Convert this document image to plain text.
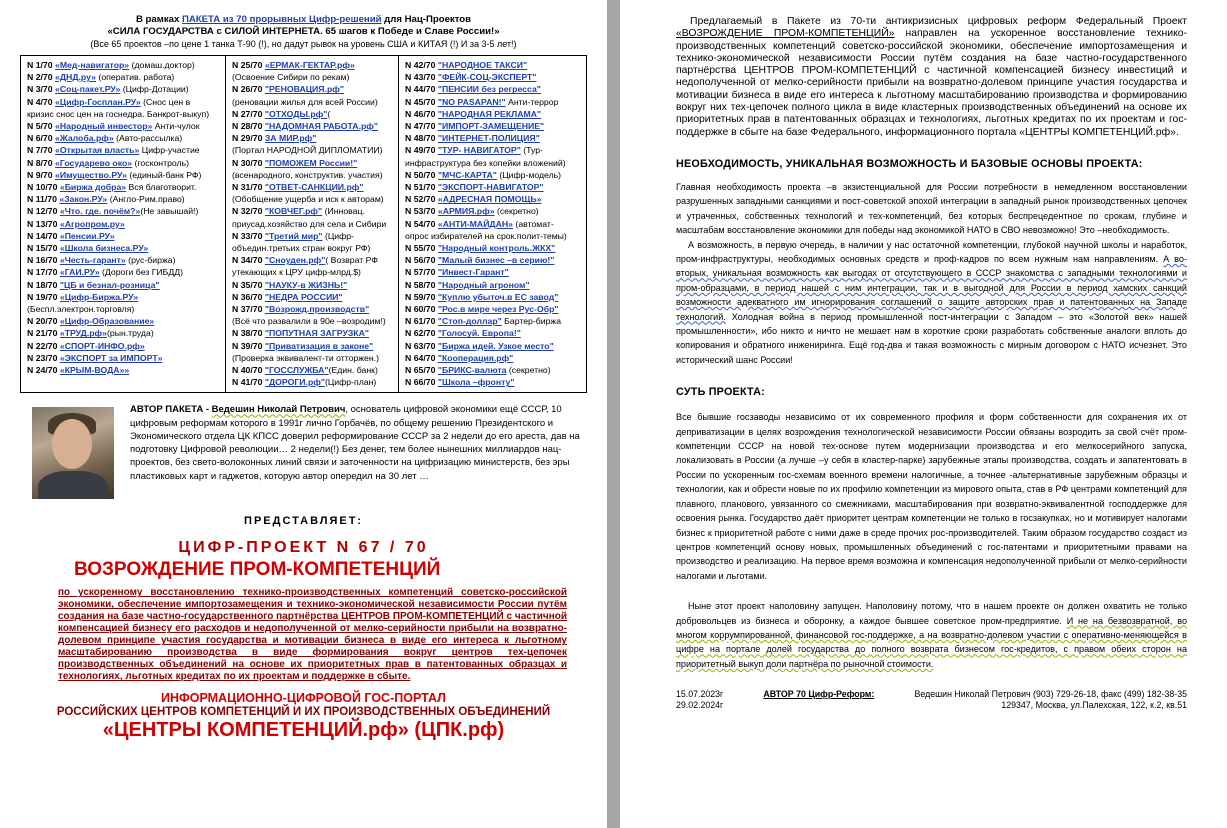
В рамках ПАКЕТА из 70 прорывных Цифр-решений для Нац-Проектов
«СИЛА ГОСУДАРСТВА с СИЛОЙ ИНТЕРНЕТА. 65 шагов к Победе и Славе России!»
(Все 65 проектов –по цене 1 танка Т-90 (!), но дадут рывок на уровень США и КИТАЯ (!) И за 3-5 лет!)
N 1/70 «Мед-навигатор» (домаш.доктор)
N 2/70 «ДНД.ру» (оператив. работа)
N 3/70 «Соц-пакет.РУ» (Цифр-Дотации)
N 4/70 «Цифр-Госплан.РУ» (Снос цен в
кризис снос цен на госнедра. Банкрот-выкуп)
N 5/70 «Народный инвестор» Анти-чулок
N 6/70 «Жалоба.рф» (Авто-рассылка)
N 7/70 «Открытая власть» Цифр-участие
N 8/70 «Государево око» (госконтроль)
N 9/70 «Имущество.РУ» (единый-банк РФ)
N 10/70 «Биржа добра» Вся благотворит.
N 11/70 «Закон.РУ» (Англо-Рим.право)
N 12/70 «Что. где. почём?»(Не завышай!)
N 13/70 «Агропром.ру»
N 14/70 «Пенсии.РУ»
N 15/70 «Школа бизнеса.РУ»
N 16/70 «Честь-гарант» (рус-биржа)
N 17/70 «ГАИ.РУ» (Дороги без ГИБДД)
N 18/70 "ЦБ и безнал-розница"
N 19/70 «Цифр-Биржа.РУ»
(Беспл.электрон.торговля)
N 20/70 «Цифр-Образование»
N 21/70 «ТРУД.рф»(рын.труда)
N 22/70 «СПОРТ-ИНФО.рф»
N 23/70 «ЭКСПОРТ за ИМПОРТ»
N 24/70 «КРЫМ-ВОДА»»
N 25/70 «ЕРМАК-ГЕКТАР.рф»
(Освоение Сибири по рекам)
N 26/70 "РЕНОВАЦИЯ.рф"
(реновации жилья для всей России)
N 27/70 "ОТХОДЫ.рф"(
N 28/70 "НАДОМНАЯ РАБОТА.рф"
N 29/70 ЗА МИР.рф"
(Портал НАРОДНОЙ ДИПЛОМАТИИ)
N 30/70 "ПОМОЖЕМ России!"
(всенародного, конструктив. участия)
N 31/70 "ОТВЕТ-САНКЦИИ.рф"
(Обобщение ущерба и иск к авторам)
N 32/70 "КОВЧЕГ.рф" (Инновац.
приусад.хозяйство для села и Сибири
N 33/70 "Третий мир" (Цифр-
объедин.третьих стран вокруг РФ)
N 34/70 "Сноуден.рф"( Возврат РФ
утекающих к ЦРУ цифр-млрд.$)
N 35/70 "НАУКУ-в ЖИЗНЬ!"
N 36/70 "НЕДРА РОССИИ"
N 37/70 "Возрожд.производств"
(Всё что развалили в 90е –возродим!)
N 38/70 "ПОПУТНАЯ ЗАГРУЗКА"
N 39/70 "Приватизация в законе"
(Проверка эквивалент-ти отторжен.)
N 40/70 "ГОССЛУЖБА"(Един. банк)
N 41/70 "ДОРОГИ.рф"(Цифр-план)
N 42/70 "НАРОДНОЕ ТАКСИ"
N 43/70 "ФЕЙК-СОЦ-ЭКСПЕРТ"
N 44/70 "ПЕНСИИ без регресса"
N 45/70 "NO PASAPAN!" Анти-террор
N 46/70 "НАРОДНАЯ РЕКЛАМА"
N 47/70 "ИМПОРТ-ЗАМЕЩЕНИЕ"
N 48/70 "ИНТЕРНЕТ-ПОЛИЦИЯ"
N 49/70 "ТУР- НАВИГАТОР" (Тур-
инфраструктура без копейки вложений)
N 50/70 "МЧС-КАРТА" (Цифр-модель)
N 51/70 "ЭКСПОРТ-НАВИГАТОР"
N 52/70 «АДРЕСНАЯ ПОМОЩЬ»
N 53/70 «АРМИЯ.рф» (секретно)
N 54/70 «АНТИ-МАЙДАН» (автомат-
опрос избирателей на срок.полит-темы)
N 55/70 "Народный контроль.ЖКХ"
N 56/70 "Малый бизнес –в серию!"
N 57/70 "Инвест-Гарант"
N 58/70 "Народный агроном"
N 59/70 "Куплю убыточ.в ЕС завод"
N 60/70 "Рос.в мире через Рус-Обр"
N 61/70 "Стоп-доллар" Бартер-биржа
N 62/70 "Голосуй. Европа!"
N 63/70 "Биржа идей. Узкое место"
N 64/70 "Кооперация.рф"
N 65/70 "БРИКС-валюта (секретно)
N 66/70 "Школа –фронту"
АВТОР ПАКЕТА - Ведешин Николай Петрович, основатель цифровой экономики ещё СССР, 10 цифровым реформам которого в 1991г лично Горбачёв, по общему решению Президентского и Экономического отдела ЦК КПСС доверил реформирование СССР за 2 недели до его ареста, дав на подготовку Цифровой революции… 2 недели(!) Без денег, тем более нынешних миллиардов нац-проектов, без свето-волоконных линий связи и заточенности на цифризацию министерств, без эры пластиковых карт и гаджетов, которую автор опередил на 30 лет …
ПРЕДСТАВЛЯЕТ:
ЦИФР-ПРОЕКТ N 67 / 70
ВОЗРОЖДЕНИЕ ПРОМ-КОМПЕТЕНЦИЙ
по ускоренному восстановлению технико-производственных компетенций советско-российской экономики, обеспечение импортозамещения и технико-экономической независимости России путём создания на базе частно-государственного партнёрства ЦЕНТРОВ ПРОМ-КОМПЕТЕНЦИЙ с частичной компенсацией бизнесу его расходов и недополученной от мелко-серийности прибыли на возвратно-долевом принципе участия государства и мотивации бизнеса в виде его интереса к льготному масштабированию производства в виде формирования вокруг центров тех-цепочек производственных объединений на основе их приоритетных прав в патентованных образцах и технологиях, льготных кредитах по их проектам и поддержке в сбыте.
ИНФОРМАЦИОННО-ЦИФРОВОЙ ГОС-ПОРТАЛ
РОССИЙСКИХ ЦЕНТРОВ КОМПЕТЕНЦИЙ И ИХ ПРОИЗВОДСТВЕННЫХ ОБЪЕДИНЕНИЙ
«ЦЕНТРЫ КОМПЕТЕНЦИЙ.рф» (ЦПК.рф)
Предлагаемый в Пакете из 70-ти антикризисных цифровых реформ Федеральный Проект «ВОЗРОЖДЕНИЕ ПРОМ-КОМПЕТЕНЦИЙ» направлен на ускоренное восстановление технико-производственных компетенций советско-российской экономики, обеспечение импортозамещения и технико-экономической независимости России путём создания на базе частно-государственного партнёрства ЦЕНТРОВ ПРОМ-КОМПЕТЕНЦИЙ с частичной компенсацией бизнесу инвестиций и недополученной от мелко-серийности прибыли на возвратно-долевом принципе участия государства и мотивации бизнеса в виде его интереса к льготному масштабированию производства и формированию вокруг них тех-цепочек полного цикла в виде кластерных производственных объединений на основе их приоритетных прав в патентованных образцах и технологиях, льготных кредитах по их проектам и гос-поддержке в сбыте на базе Федерального, информационного портала «ЦЕНТРЫ КОМПЕТЕНЦИЙ.рф».
НЕОБХОДИМОСТЬ, УНИКАЛЬНАЯ ВОЗМОЖНОСТЬ И БАЗОВЫЕ ОСНОВЫ ПРОЕКТА:
Главная необходимость проекта –в экзистенциальной для России потребности в немедленном восстановлении разрушенных западными санкциями и пост-советской эпохой интеграции в западный рынок производственных цепочек и утраченных, собственных технологий и тех-компетенций, без которых беспрецедентное по срокам, глубине и масштабам восстановление экономики для победы над экономикой НАТО в СВО невозможно! Это –необходимость.
А возможность, в первую очередь, в наличии у нас остаточной компетенции, глубокой научной школы и наработок, пром-инфраструктуры, необходимых основных средств и проф-кадров по всем нужным нам направлениям. А во-вторых, уникальная возможность как выгодах от отсутствующего в СССР знакомства с западными технологиями и пром-образцами, в период нашей с ним интеграции, так и в выгодной для России в период хамских санкций возможности адекватного им игнорирования соглашений о защите авторских прав и патентованных на Западе технологий. Холодная война в период промышленной пост-интеграции с Западом – это «Золотой век» нашей промышленности», ибо никто и ничто не мешает нам в короткие сроки разработать собственные аналоги вплоть до копирования и обратного инжениринга. Ещё год-два и такая возможность с мирным договором с НАТО исчезнет. Это исторический шанс России!
СУТЬ ПРОЕКТА:
Все бывшие госзаводы независимо от их современного профиля и форм собственности для сохранения их от деприватизации в целях возрождения технологической независимости России обязаны возродить за свой счёт пром-компетенции СССР на новой тех-основе путем модернизации производства и его мелкосерийного запуска, локализовать в России (а лучше –у себя в кластер-парке) зарубежные этапы производства, создать и запатентовать в России по ускоренным гос-схемам военного времени налогичные, а точнее -альтернативные зарубежным образцы и технологии, как и обрести новые по их профилю компетенции из мирового опыта, став в РФ центрами компетенций для плавного, планового, увязанного со смежниками, масштабирования при возвратно-эквивалентной господдержке для освоения рынка. Государство даёт приоритет центрам компетенции не только в госзакупках, но и мотивирует налогами бизнес к приоритетной работе с ними даже в среде прочих рос-производителей. Таким образом государство создаст из центров компетенций основу новых, промышленных объединений с гос-патентами и приоритетными правами на производство и реализацию. На первое время возможна и компенсация недополученной прибыли от мелко-серийности налогами и льготами.
Ныне этот проект наполовину запущен. Наполовину потому, что в нашем проекте он должен охватить не только добровольцев из бизнеса и оборонку, а каждое бывшее советское пром-предприятие. И не на безвозвратной, во многом коррумпированной, финансовой гос-поддержке, а на возвратно-долевом участии с оперативно-меняющейся в цифре на портале долей государства до полного возврата бизнесом гос-кредитов, с правом обеих сторон на приоритетный выкуп доли партнёра по рыночной стоимости.
15.07.2023г
29.02.2024г
АВТОР 70 Цифр-Реформ:	Ведешин Николай Петрович (903) 729-26-18, факс (499) 182-38-35
129347, Москва, ул.Палехская, 122, к.2, кв.51
